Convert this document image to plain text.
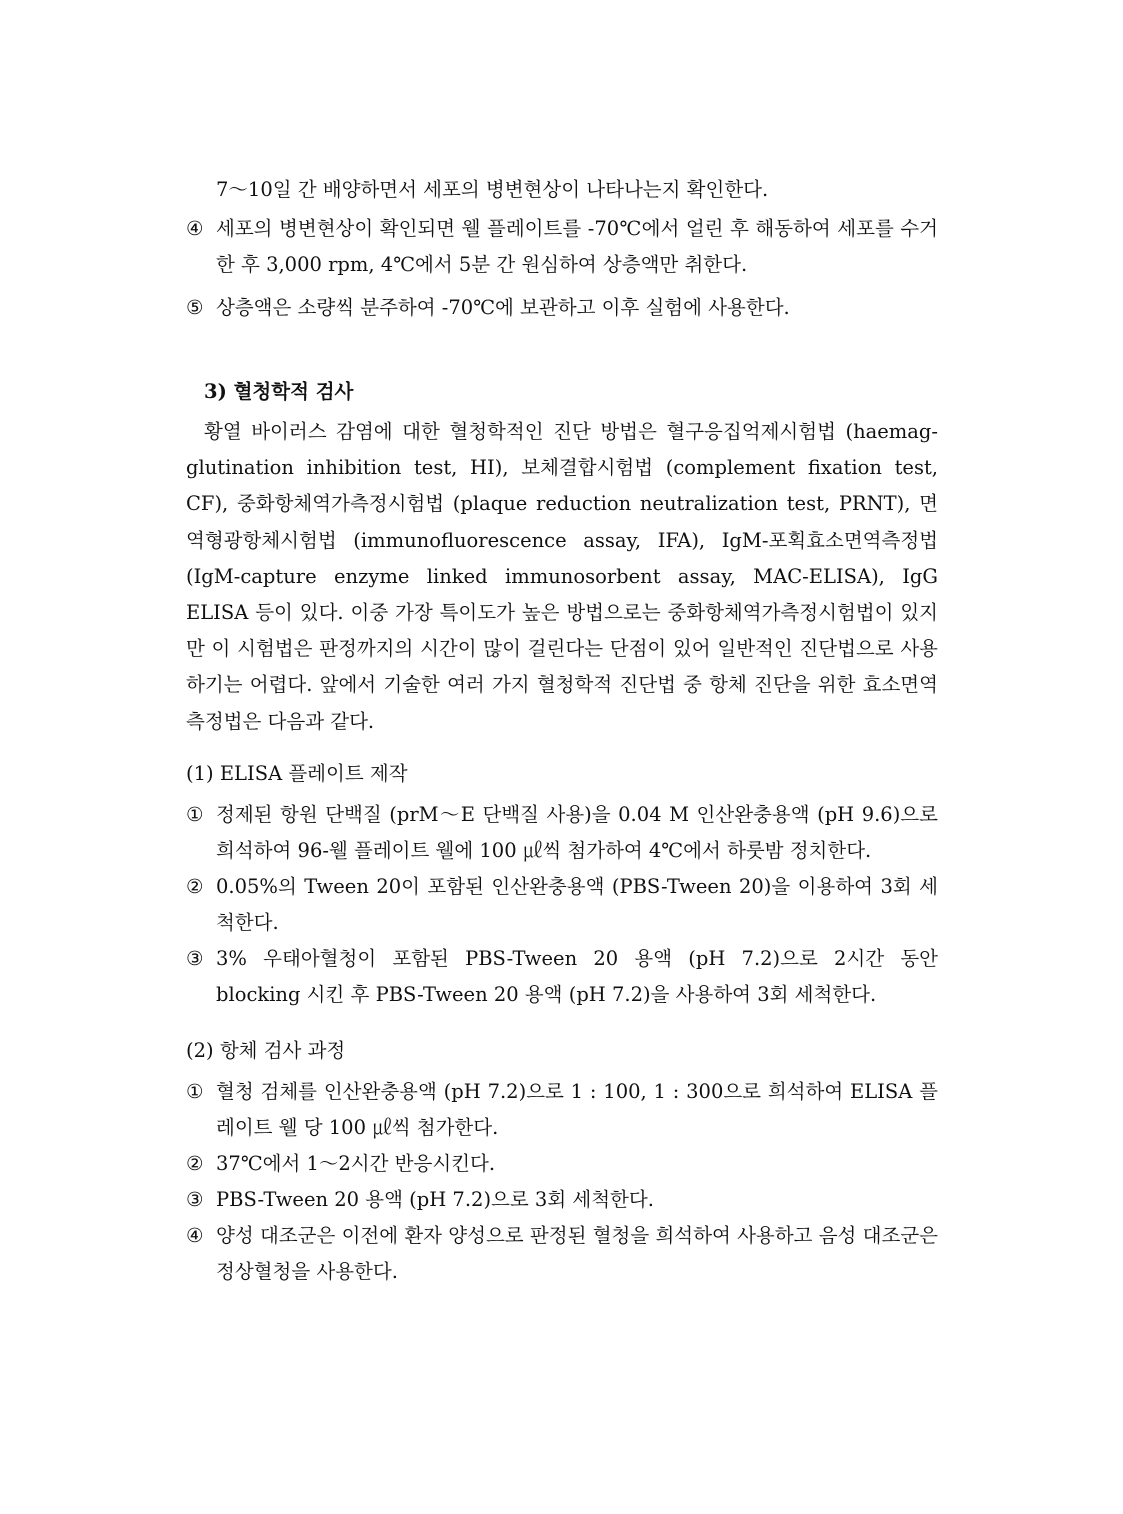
7～10일 간 배양하면서 세포의 병변현상이 나타나는지 확인한다.

④ 세포의 병변현상이 확인되면 웰 플레이트를 -70℃에서 얼린 후 해동하여 세포를 수거한 후 3,000 rpm, 4℃에서 5분 간 원심하여 상층액만 취한다.
⑤ 상층액은 소량씩 분주하여 -70℃에 보관하고 이후 실험에 사용한다.

3) 혈청학적 검사

황열 바이러스 감염에 대한 혈청학적인 진단 방법은 혈구응집억제시험법 (haemag-glutination inhibition test, HI), 보체결합시험법 (complement fixation test, CF), 중화항체역가측정시험법 (plaque reduction neutralization test, PRNT), 면역형광항체시험법 (immunofluorescence assay, IFA), IgM-포획효소면역측정법 (IgM-capture enzyme linked immunosorbent assay, MAC-ELISA), IgG ELISA 등이 있다. 이중 가장 특이도가 높은 방법으로는 중화항체역가측정시험법이 있지만 이 시험법은 판정까지의 시간이 많이 걸린다는 단점이 있어 일반적인 진단법으로 사용하기는 어렵다. 앞에서 기술한 여러 가지 혈청학적 진단법 중 항체 진단을 위한 효소면역측정법은 다음과 같다.

(1) ELISA 플레이트 제작

① 정제된 항원 단백질 (prM～E 단백질 사용)을 0.04 M 인산완충용액 (pH 9.6)으로 희석하여 96-웰 플레이트 웰에 100 ㎕씩 첨가하여 4℃에서 하룻밤 정치한다.
② 0.05%의 Tween 20이 포함된 인산완충용액 (PBS-Tween 20)을 이용하여 3회 세척한다.
③ 3% 우태아혈청이 포함된 PBS-Tween 20 용액 (pH 7.2)으로 2시간 동안 blocking 시킨 후 PBS-Tween 20 용액 (pH 7.2)을 사용하여 3회 세척한다.

(2) 항체 검사 과정

① 혈청 검체를 인산완충용액 (pH 7.2)으로 1 : 100, 1 : 300으로 희석하여 ELISA 플레이트 웰 당 100 ㎕씩 첨가한다.
② 37℃에서 1～2시간 반응시킨다.
③ PBS-Tween 20 용액 (pH 7.2)으로 3회 세척한다.
④ 양성 대조군은 이전에 환자 양성으로 판정된 혈청을 희석하여 사용하고 음성 대조군은 정상혈청을 사용한다.
